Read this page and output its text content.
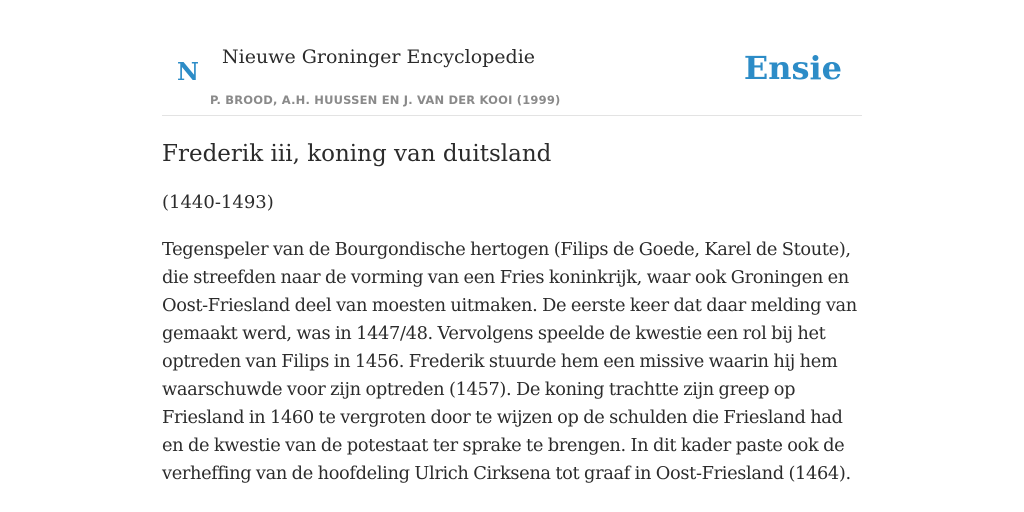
N Nieuwe Groninger Encyclopedie
P. BROOD, A.H. HUUSSEN EN J. VAN DER KOOI (1999)
Ensie
Frederik iii, koning van duitsland

(1440-1493)

Tegenspeler van de Bourgondische hertogen (Filips de Goede, Karel de Stoute), die streefden naar de vorming van een Fries koninkrijk, waar ook Groningen en Oost-Friesland deel van moesten uitmaken. De eerste keer dat daar melding van gemaakt werd, was in 1447/48. Vervolgens speelde de kwestie een rol bij het optreden van Filips in 1456. Frederik stuurde hem een missive waarin hij hem waarschuwde voor zijn optreden (1457). De koning trachtte zijn greep op Friesland in 1460 te vergroten door te wijzen op de schulden die Friesland had en de kwestie van de potestaat ter sprake te brengen. In dit kader paste ook de verheffing van de hoofdeling Ulrich Cirksena tot graaf in Oost-Friesland (1464).
